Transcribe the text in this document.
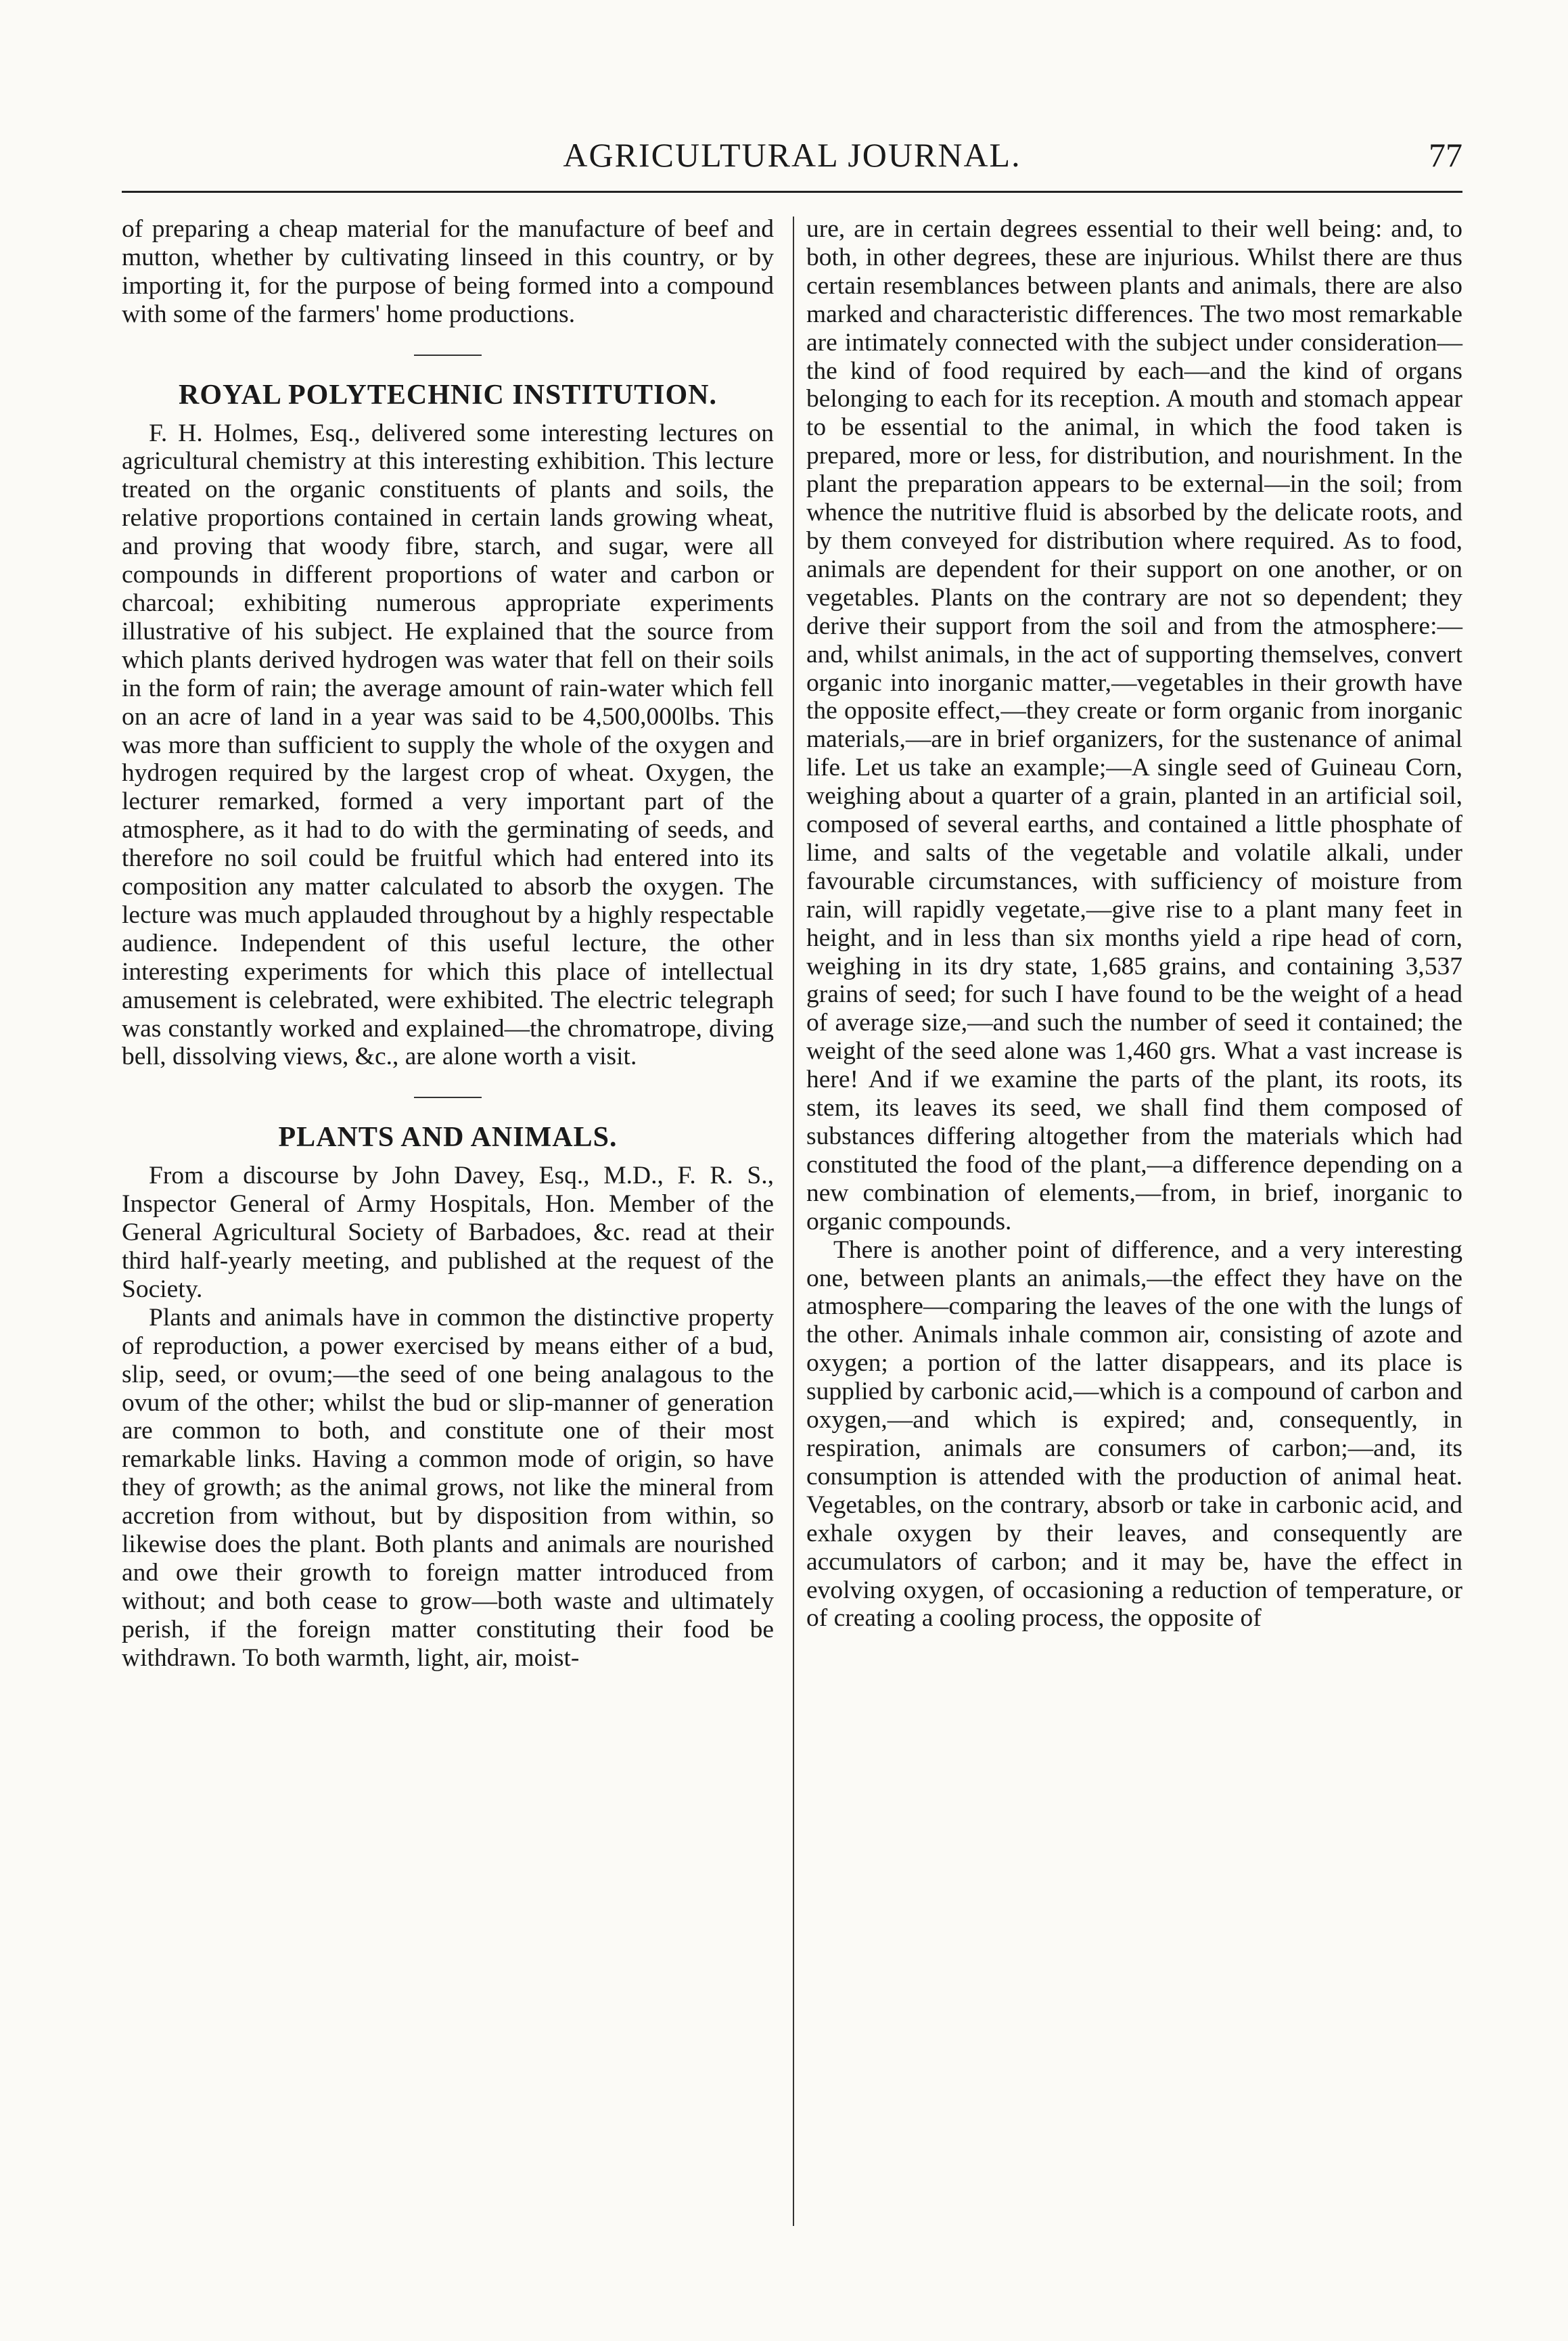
AGRICULTURAL JOURNAL.	77

of preparing a cheap material for the manufacture of beef and mutton, whether by cultivating linseed in this country, or by importing it, for the purpose of being formed into a compound with some of the farmers' home productions.

ROYAL POLYTECHNIC INSTITUTION.

F. H. Holmes, Esq., delivered some interesting lectures on agricultural chemistry at this interesting exhibition. This lecture treated on the organic constituents of plants and soils, the relative proportions contained in certain lands growing wheat, and proving that woody fibre, starch, and sugar, were all compounds in different proportions of water and carbon or charcoal; exhibiting numerous appropriate experiments illustrative of his subject. He explained that the source from which plants derived hydrogen was water that fell on their soils in the form of rain; the average amount of rain-water which fell on an acre of land in a year was said to be 4,500,000lbs. This was more than sufficient to supply the whole of the oxygen and hydrogen required by the largest crop of wheat. Oxygen, the lecturer remarked, formed a very important part of the atmosphere, as it had to do with the germinating of seeds, and therefore no soil could be fruitful which had entered into its composition any matter calculated to absorb the oxygen. The lecture was much applauded throughout by a highly respectable audience. Independent of this useful lecture, the other interesting experiments for which this place of intellectual amusement is celebrated, were exhibited. The electric telegraph was constantly worked and explained—the chromatrope, diving bell, dissolving views, &c., are alone worth a visit.

PLANTS AND ANIMALS.

From a discourse by John Davey, Esq., M.D., F. R. S., Inspector General of Army Hospitals, Hon. Member of the General Agricultural Society of Barbadoes, &c. read at their third half-yearly meeting, and published at the request of the Society.

Plants and animals have in common the distinctive property of reproduction, a power exercised by means either of a bud, slip, seed, or ovum;—the seed of one being analagous to the ovum of the other; whilst the bud or slip-manner of generation are common to both, and constitute one of their most remarkable links. Having a common mode of origin, so have they of growth; as the animal grows, not like the mineral from accretion from without, but by disposition from within, so likewise does the plant. Both plants and animals are nourished and owe their growth to foreign matter introduced from without; and both cease to grow—both waste and ultimately perish, if the foreign matter constituting their food be withdrawn. To both warmth, light, air, moist-

ure, are in certain degrees essential to their well being: and, to both, in other degrees, these are injurious. Whilst there are thus certain resemblances between plants and animals, there are also marked and characteristic differences. The two most remarkable are intimately connected with the subject under consideration—the kind of food required by each—and the kind of organs belonging to each for its reception. A mouth and stomach appear to be essential to the animal, in which the food taken is prepared, more or less, for distribution, and nourishment. In the plant the preparation appears to be external—in the soil; from whence the nutritive fluid is absorbed by the delicate roots, and by them conveyed for distribution where required. As to food, animals are dependent for their support on one another, or on vegetables. Plants on the contrary are not so dependent; they derive their support from the soil and from the atmosphere:—and, whilst animals, in the act of supporting themselves, convert organic into inorganic matter,—vegetables in their growth have the opposite effect,—they create or form organic from inorganic materials,—are in brief organizers, for the sustenance of animal life. Let us take an example;—A single seed of Guineau Corn, weighing about a quarter of a grain, planted in an artificial soil, composed of several earths, and contained a little phosphate of lime, and salts of the vegetable and volatile alkali, under favourable circumstances, with sufficiency of moisture from rain, will rapidly vegetate,—give rise to a plant many feet in height, and in less than six months yield a ripe head of corn, weighing in its dry state, 1,685 grains, and containing 3,537 grains of seed; for such I have found to be the weight of a head of average size,—and such the number of seed it contained; the weight of the seed alone was 1,460 grs. What a vast increase is here! And if we examine the parts of the plant, its roots, its stem, its leaves its seed, we shall find them composed of substances differing altogether from the materials which had constituted the food of the plant,—a difference depending on a new combination of elements,—from, in brief, inorganic to organic compounds.

There is another point of difference, and a very interesting one, between plants an animals,—the effect they have on the atmosphere—comparing the leaves of the one with the lungs of the other. Animals inhale common air, consisting of azote and oxygen; a portion of the latter disappears, and its place is supplied by carbonic acid,—which is a compound of carbon and oxygen,—and which is expired; and, consequently, in respiration, animals are consumers of carbon;—and, its consumption is attended with the production of animal heat. Vegetables, on the contrary, absorb or take in carbonic acid, and exhale oxygen by their leaves, and consequently are accumulators of carbon; and it may be, have the effect in evolving oxygen, of occasioning a reduction of temperature, or of creating a cooling process, the opposite of
